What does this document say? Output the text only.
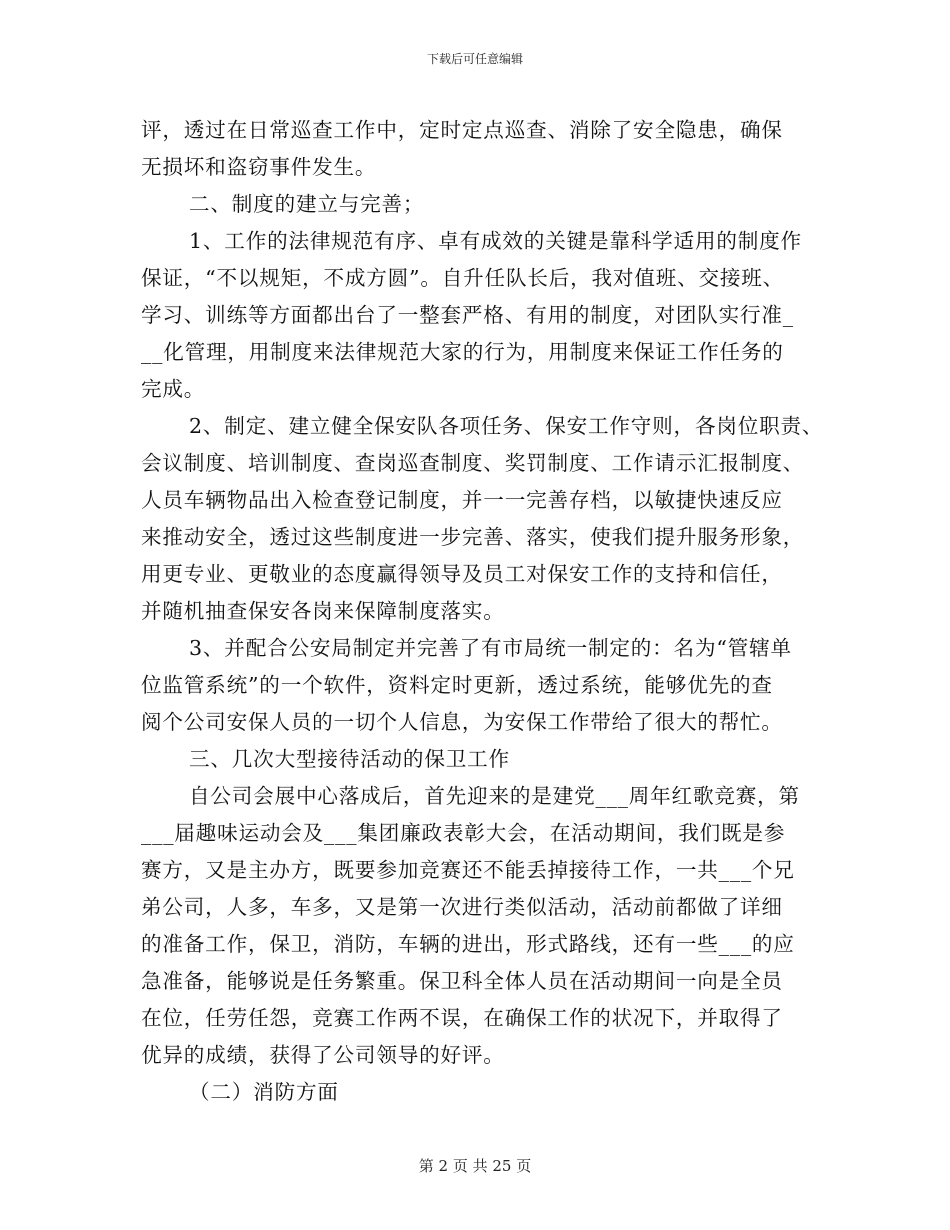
下载后可任意编辑
评，透过在日常巡查工作中，定时定点巡查、消除了安全隐患，确保
无损坏和盗窃事件发生。
二、制度的建立与完善；
1、工作的法律规范有序、卓有成效的关键是靠科学适用的制度作
保证，“不以规矩，不成方圆”。自升任队长后，我对值班、交接班、
学习、训练等方面都出台了一整套严格、有用的制度，对团队实行准_
__化管理，用制度来法律规范大家的行为，用制度来保证工作任务的
完成。
2、制定、建立健全保安队各项任务、保安工作守则，各岗位职责、
会议制度、培训制度、查岗巡查制度、奖罚制度、工作请示汇报制度、
人员车辆物品出入检查登记制度，并一一完善存档，以敏捷快速反应
来推动安全，透过这些制度进一步完善、落实，使我们提升服务形象，
用更专业、更敬业的态度赢得领导及员工对保安工作的支持和信任，
并随机抽查保安各岗来保障制度落实。
3、并配合公安局制定并完善了有市局统一制定的：名为“管辖单
位监管系统”的一个软件，资料定时更新，透过系统，能够优先的查
阅个公司安保人员的一切个人信息，为安保工作带给了很大的帮忙。
三、几次大型接待活动的保卫工作
自公司会展中心落成后，首先迎来的是建党___周年红歌竞赛，第
___届趣味运动会及___集团廉政表彰大会，在活动期间，我们既是参
赛方，又是主办方，既要参加竞赛还不能丢掉接待工作，一共___个兄
弟公司，人多，车多，又是第一次进行类似活动，活动前都做了详细
的准备工作，保卫，消防，车辆的进出，形式路线，还有一些___的应
急准备，能够说是任务繁重。保卫科全体人员在活动期间一向是全员
在位，任劳任怨，竞赛工作两不误，在确保工作的状况下，并取得了
优异的成绩，获得了公司领导的好评。
（二）消防方面
第 2 页 共 25 页
